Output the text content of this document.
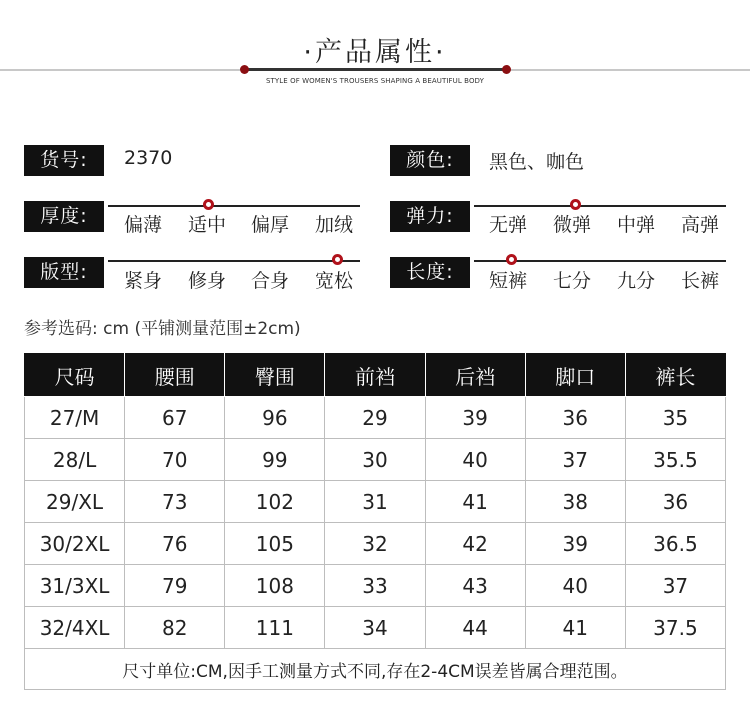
·产品属性·
STYLE OF WOMEN'S TROUSERS SHAPING A BEAUTIFUL BODY
货号:	2370	颜色:	黑色、咖色
厚度:	偏薄 适中 偏厚 加绒	弹力:	无弹 微弹 中弹 高弹
版型:	紧身 修身 合身 宽松	长度:	短裤 七分 九分 长裤
参考选码: cm (平铺测量范围±2cm)
尺码	腰围	臀围	前裆	后裆	脚口	裤长
27/M	67	96	29	39	36	35
28/L	70	99	30	40	37	35.5
29/XL	73	102	31	41	38	36
30/2XL	76	105	32	42	39	36.5
31/3XL	79	108	33	43	40	37
32/4XL	82	111	34	44	41	37.5
尺寸单位:CM,因手工测量方式不同,存在2-4CM误差皆属合理范围。						
